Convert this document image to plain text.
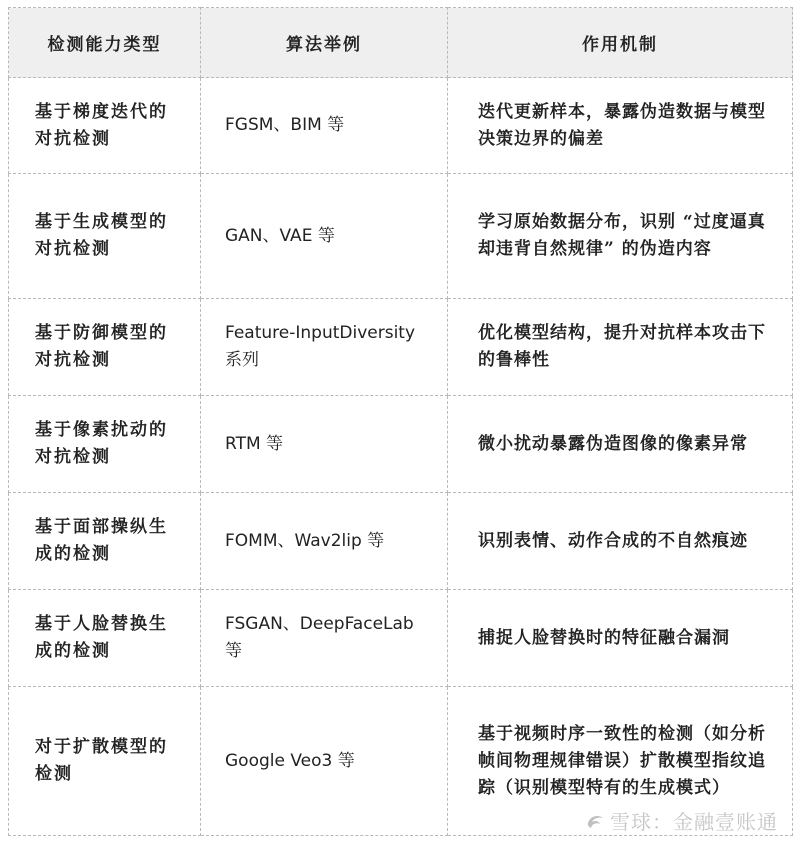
检测能力类型	算法举例	作用机制
基于梯度迭代的对抗检测	FGSM、BIM 等	迭代更新样本，暴露伪造数据与模型决策边界的偏差
基于生成模型的对抗检测	GAN、VAE 等	学习原始数据分布，识别 “过度逼真却违背自然规律” 的伪造内容
基于防御模型的对抗检测	Feature-InputDiversity 系列	优化模型结构，提升对抗样本攻击下的鲁棒性
基于像素扰动的对抗检测	RTM 等	微小扰动暴露伪造图像的像素异常
基于面部操纵生成的检测	FOMM、Wav2lip 等	识别表情、动作合成的不自然痕迹
基于人脸替换生成的检测	FSGAN、DeepFaceLab 等	捕捉人脸替换时的特征融合漏洞
对于扩散模型的检测	Google Veo3 等	基于视频时序一致性的检测（如分析帧间物理规律错误）扩散模型指纹追踪（识别模型特有的生成模式）
雪球：金融壹账通
